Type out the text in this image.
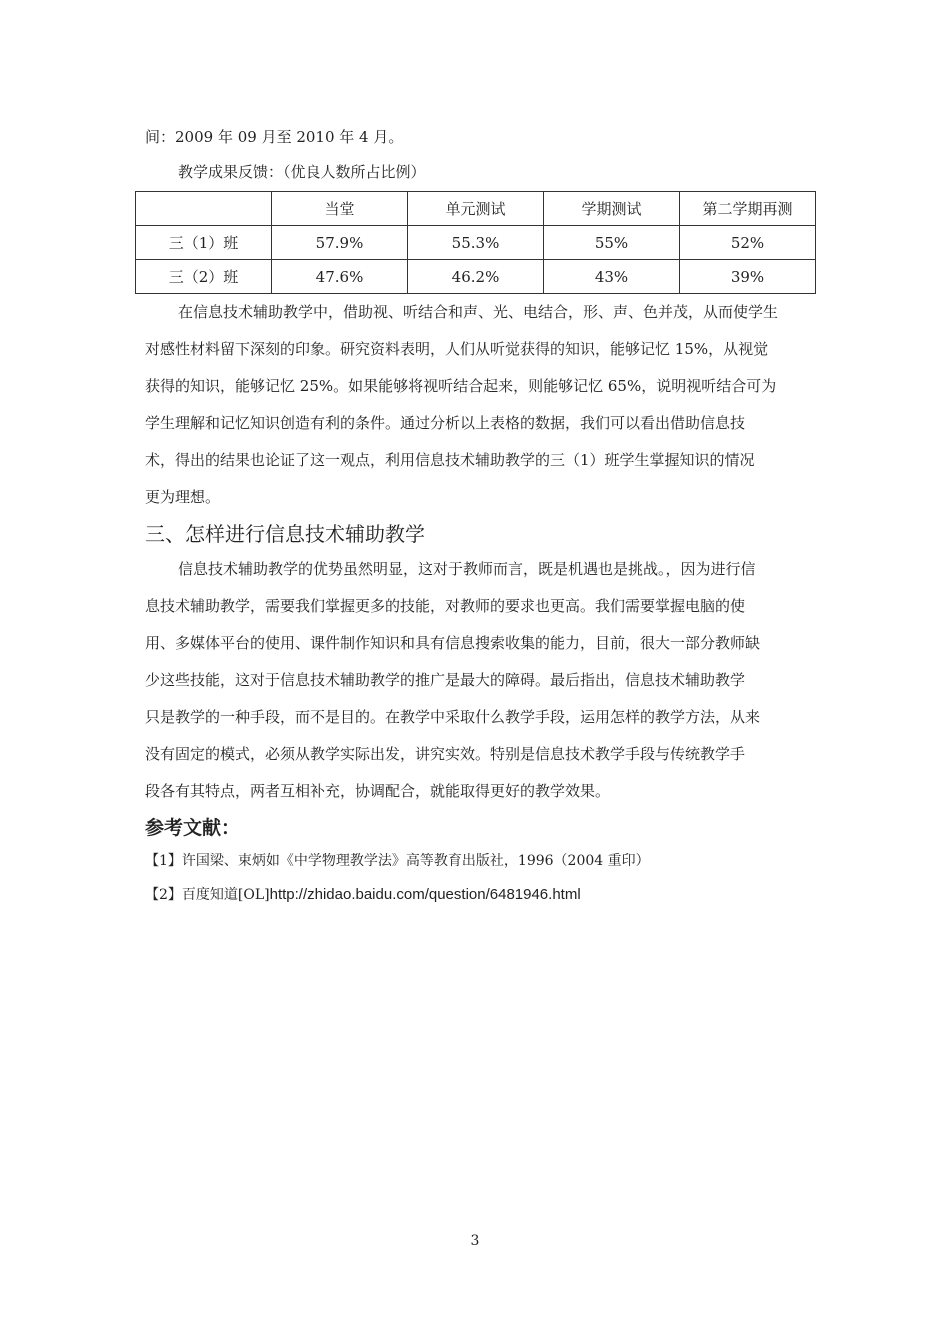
间：2009 年 09 月至 2010 年 4 月。
教学成果反馈：（优良人数所占比例）
	当堂	单元测试	学期测试	第二学期再测
三（1）班	57.9%	55.3%	55%	52%
三（2）班	47.6%	46.2%	43%	39%
在信息技术辅助教学中，借助视、听结合和声、光、电结合，形、声、色并茂，从而使学生
对感性材料留下深刻的印象。研究资料表明，人们从听觉获得的知识，能够记忆 15%，从视觉
获得的知识，能够记忆 25%。如果能够将视听结合起来，则能够记忆 65%，说明视听结合可为
学生理解和记忆知识创造有利的条件。通过分析以上表格的数据，我们可以看出借助信息技
术，得出的结果也论证了这一观点，利用信息技术辅助教学的三（1）班学生掌握知识的情况
更为理想。
三、怎样进行信息技术辅助教学
信息技术辅助教学的优势虽然明显，这对于教师而言，既是机遇也是挑战。，因为进行信
息技术辅助教学，需要我们掌握更多的技能，对教师的要求也更高。我们需要掌握电脑的使
用、多媒体平台的使用、课件制作知识和具有信息搜索收集的能力，目前，很大一部分教师缺
少这些技能，这对于信息技术辅助教学的推广是最大的障碍。最后指出，信息技术辅助教学
只是教学的一种手段，而不是目的。在教学中采取什么教学手段，运用怎样的教学方法，从来
没有固定的模式，必须从教学实际出发，讲究实效。特别是信息技术教学手段与传统教学手
段各有其特点，两者互相补充，协调配合，就能取得更好的教学效果。
参考文献：
【1】许国梁、束炳如《中学物理教学法》高等教育出版社，1996（2004 重印）
【2】百度知道[OL]http://zhidao.baidu.com/question/6481946.html
3
